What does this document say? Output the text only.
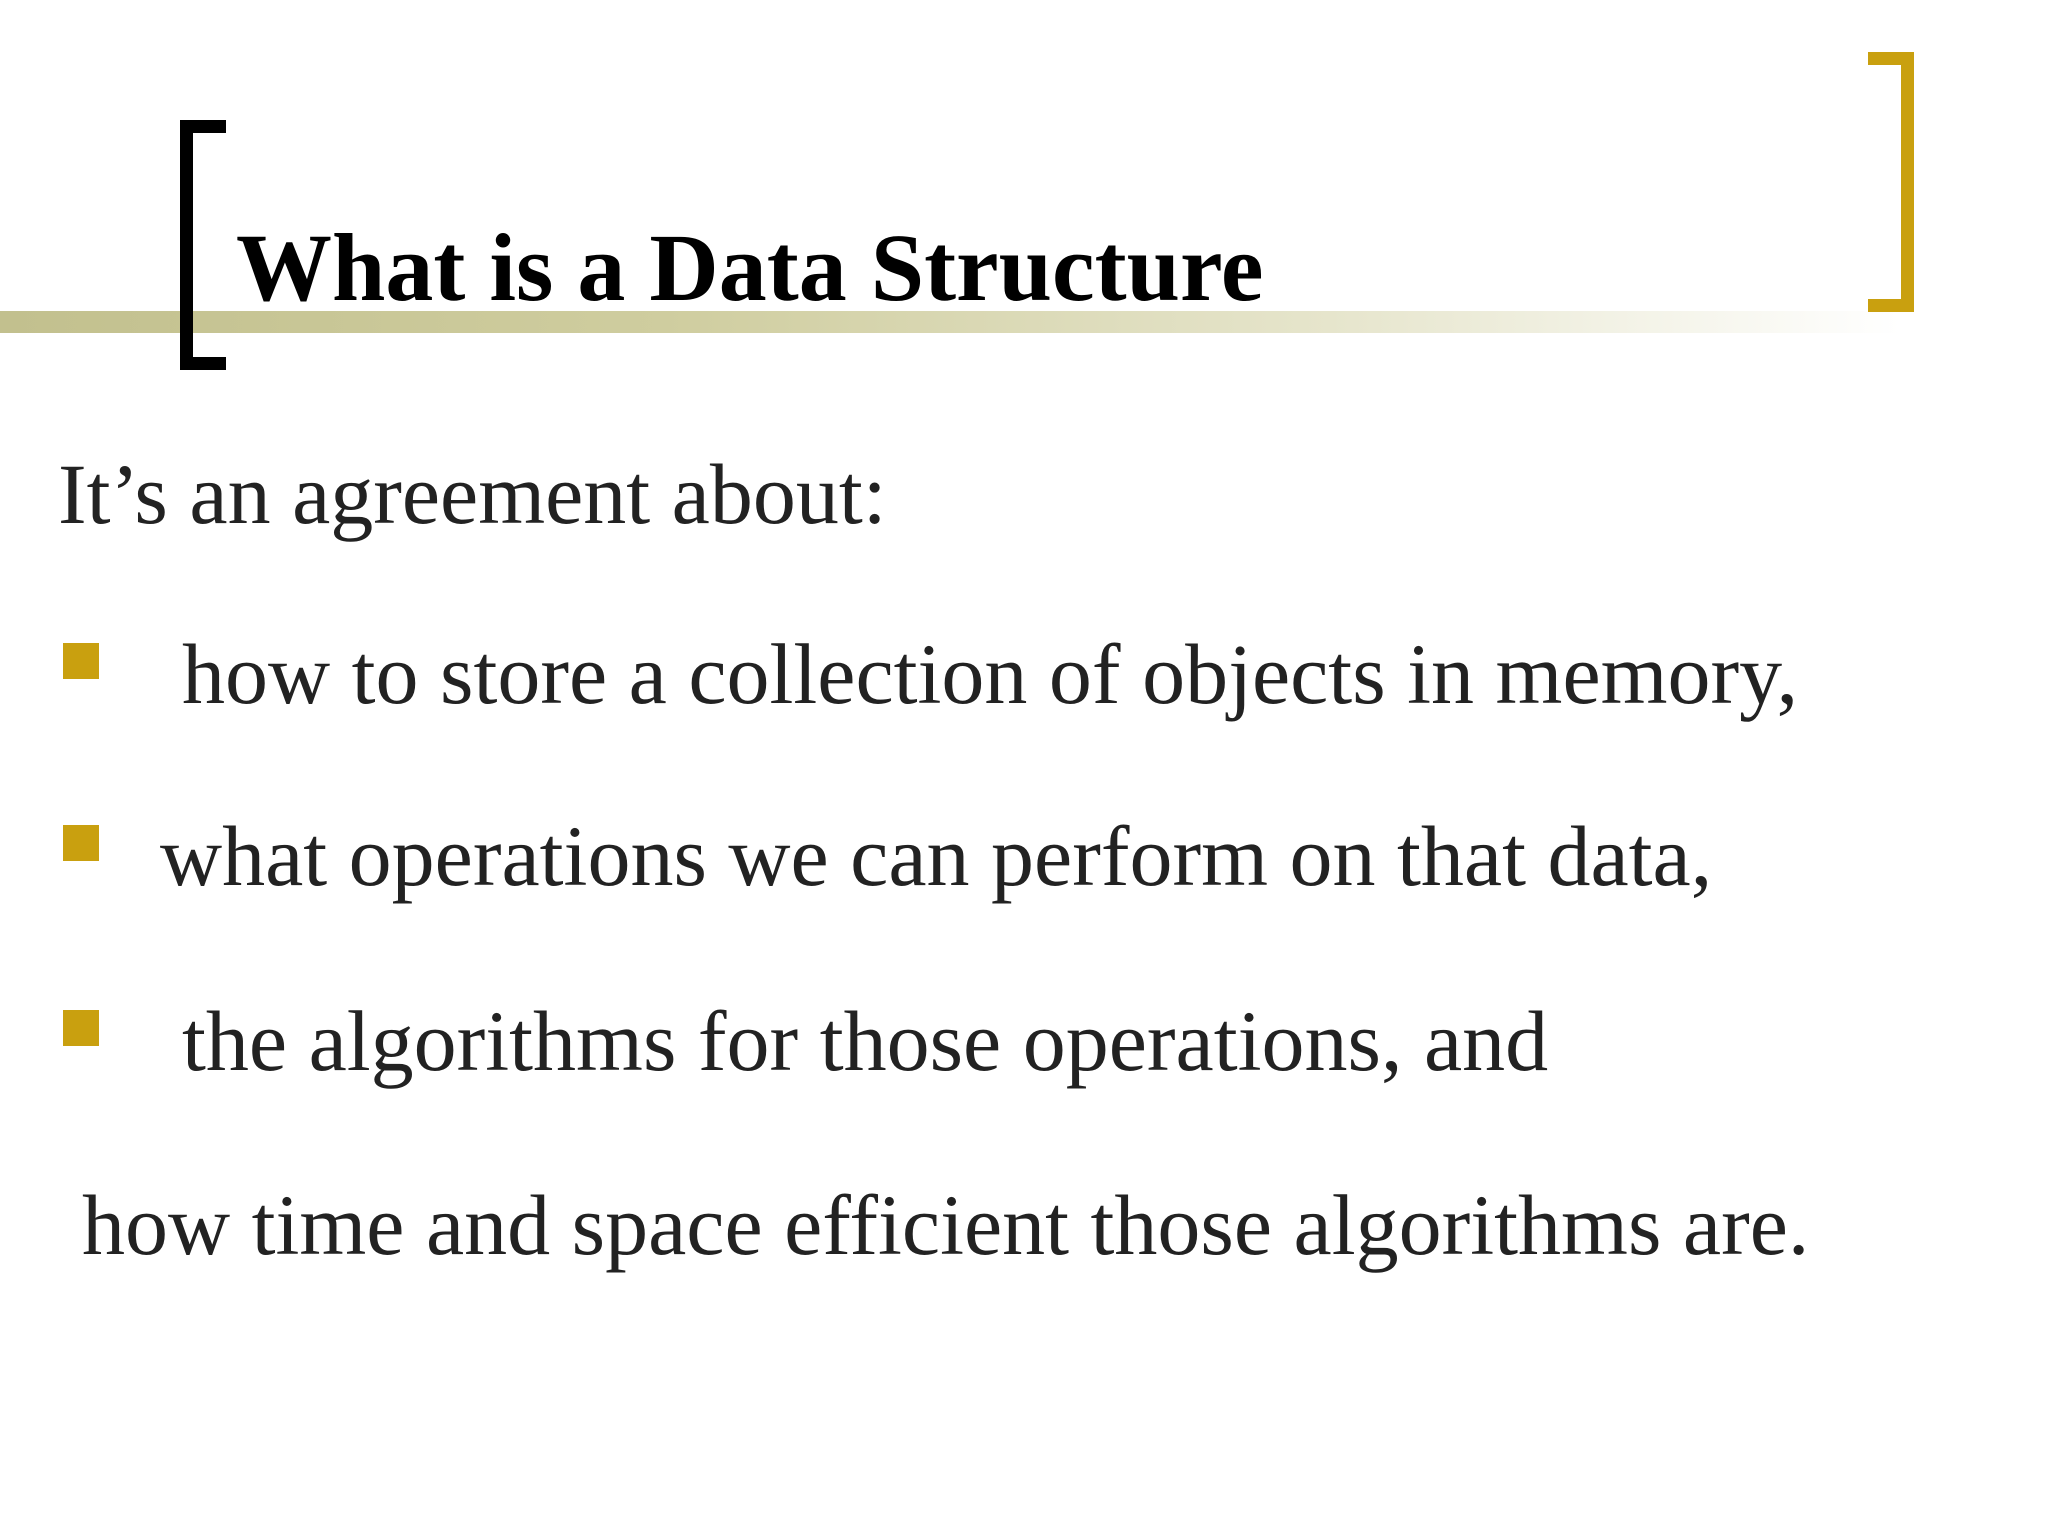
What is a Data Structure

It’s an agreement about:

how to store a collection of objects in memory,

what operations we can perform on that data,

the algorithms for those operations, and

how time and space efficient those algorithms are.
